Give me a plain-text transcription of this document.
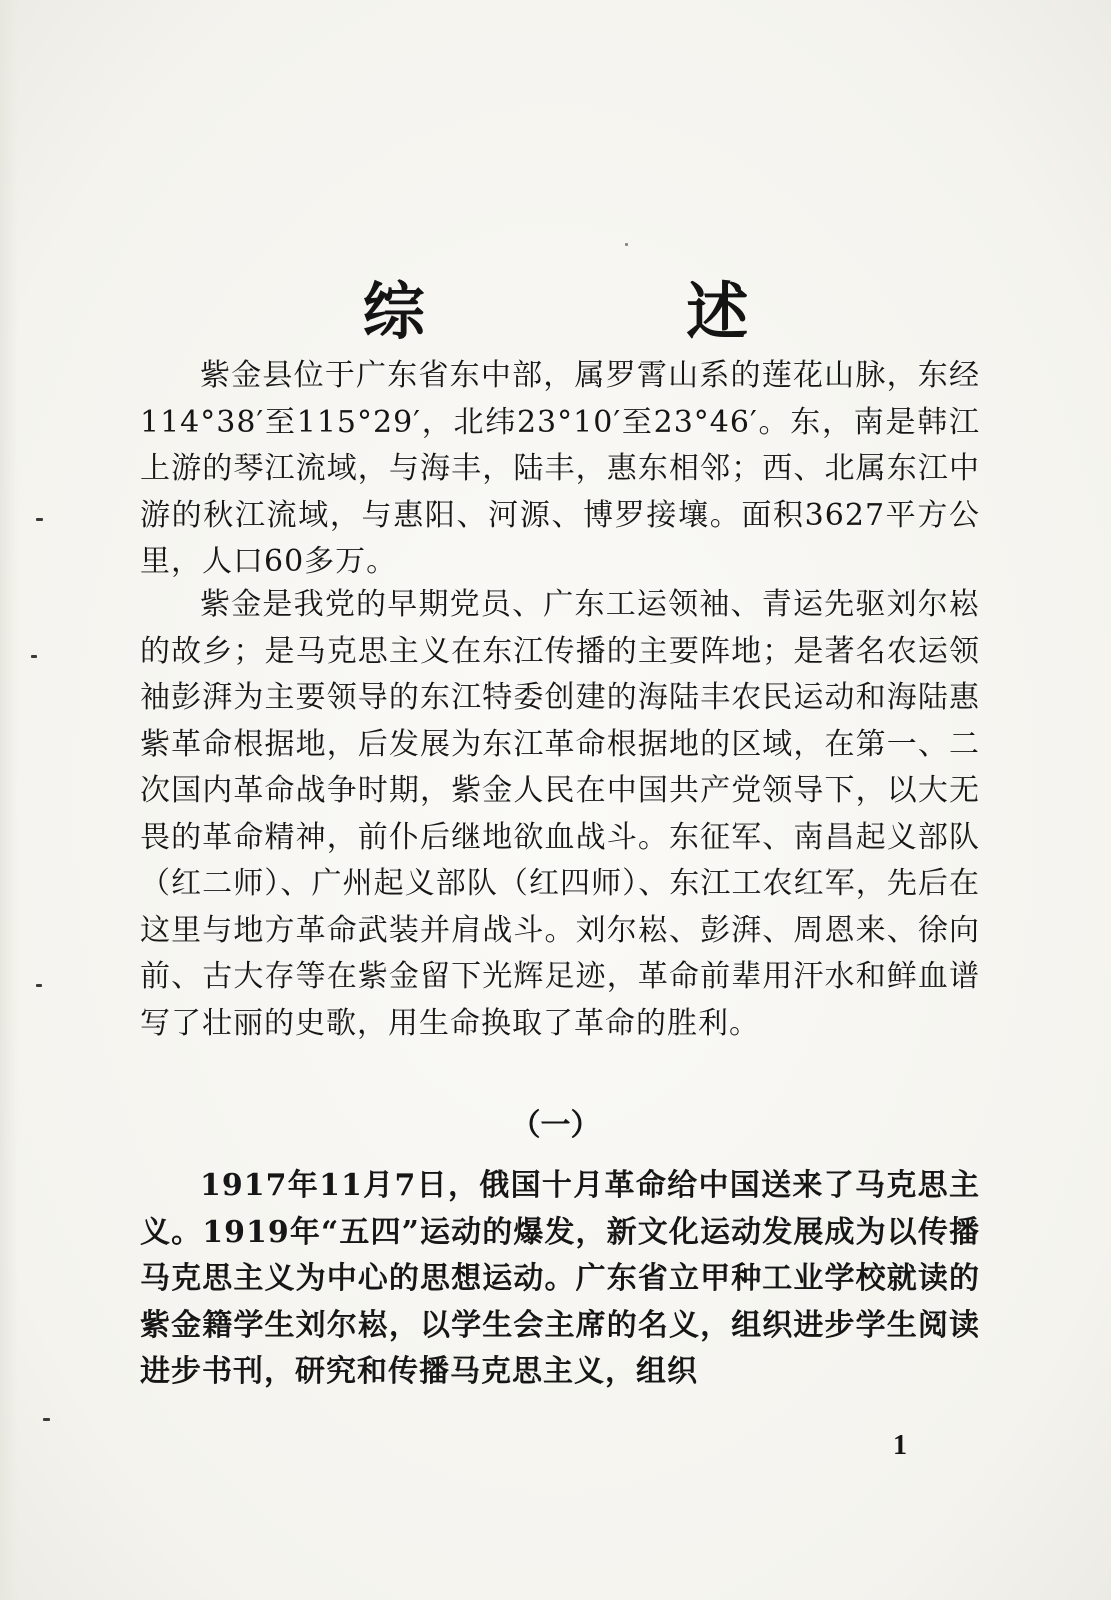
综 述

紫金县位于广东省东中部，属罗霄山系的莲花山脉，东经114°38′至115°29′，北纬23°10′至23°46′。东，南是韩江上游的琴江流域，与海丰，陆丰，惠东相邻；西、北属东江中游的秋江流域，与惠阳、河源、博罗接壤。面积3627平方公里，人口60多万。

紫金是我党的早期党员、广东工运领袖、青运先驱刘尔崧的故乡；是马克思主义在东江传播的主要阵地；是著名农运领袖彭湃为主要领导的东江特委创建的海陆丰农民运动和海陆惠紫革命根据地，后发展为东江革命根据地的区域，在第一、二次国内革命战争时期，紫金人民在中国共产党领导下，以大无畏的革命精神，前仆后继地欲血战斗。东征军、南昌起义部队（红二师）、广州起义部队（红四师）、东江工农红军，先后在这里与地方革命武装并肩战斗。刘尔崧、彭湃、周恩来、徐向前、古大存等在紫金留下光辉足迹，革命前辈用汗水和鲜血谱写了壮丽的史歌，用生命换取了革命的胜利。

（一）

1917年11月7日，俄国十月革命给中国送来了马克思主义。1919年“五四”运动的爆发，新文化运动发展成为以传播马克思主义为中心的思想运动。广东省立甲种工业学校就读的紫金籍学生刘尔崧，以学生会主席的名义，组织进步学生阅读进步书刊，研究和传播马克思主义，组织

1
